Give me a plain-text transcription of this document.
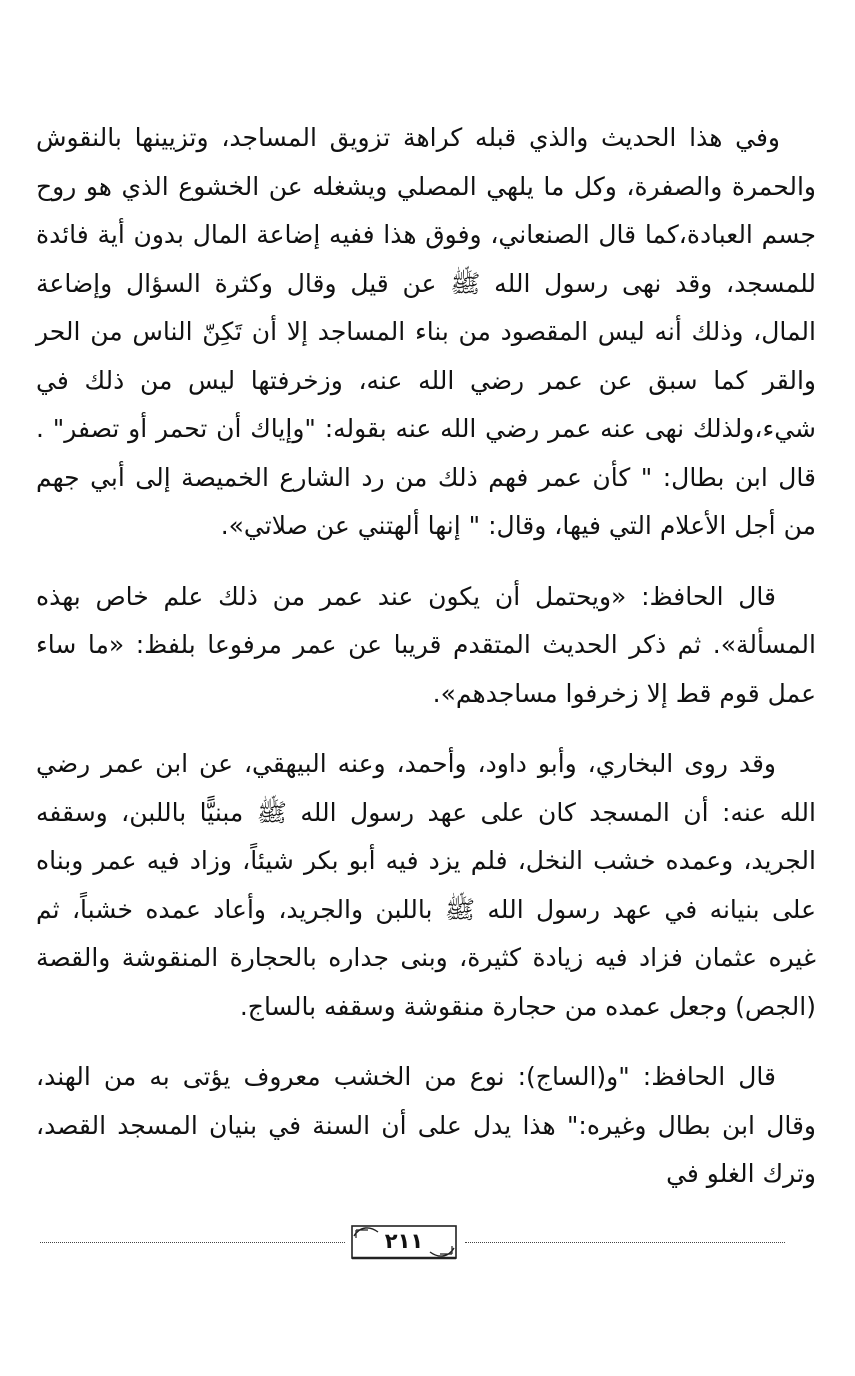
وفي هذا الحديث والذي قبله كراهة تزويق المساجد، وتزيينها بالنقوش والحمرة والصفرة، وكل ما يلهي المصلي ويشغله عن الخشوع الذي هو روح جسم العبادة،كما قال الصنعاني، وفوق هذا ففيه إضاعة المال بدون أية فائدة للمسجد، وقد نهى رسول الله ﷺ عن قيل وقال وكثرة السؤال وإضاعة المال، وذلك أنه ليس المقصود من بناء المساجد إلا أن تَكِنّ الناس من الحر والقر كما سبق عن عمر رضي الله عنه، وزخرفتها ليس من ذلك في شيء،ولذلك نهى عنه عمر رضي الله عنه بقوله: "وإياك أن تحمر أو تصفر" . قال ابن بطال: " كأن عمر فهم ذلك من رد الشارع الخميصة إلى أبي جهم من أجل الأعلام التي فيها، وقال: " إنها ألهتني عن صلاتي».

قال الحافظ: «ويحتمل أن يكون عند عمر من ذلك علم خاص بهذه المسألة». ثم ذكر الحديث المتقدم قريبا عن عمر مرفوعا بلفظ: «ما ساء عمل قوم قط إلا زخرفوا مساجدهم».

وقد روى البخاري، وأبو داود، وأحمد، وعنه البيهقي، عن ابن عمر رضي الله عنه: أن المسجد كان على عهد رسول الله ﷺ مبنيًّا باللبن، وسقفه الجريد، وعمده خشب النخل، فلم يزد فيه أبو بكر شيئاً، وزاد فيه عمر وبناه على بنيانه في عهد رسول الله ﷺ باللبن والجريد، وأعاد عمده خشباً، ثم غيره عثمان فزاد فيه زيادة كثيرة، وبنى جداره بالحجارة المنقوشة والقصة (الجص) وجعل عمده من حجارة منقوشة وسقفه بالساج.

قال الحافظ: "و(الساج): نوع من الخشب معروف يؤتى به من الهند، وقال ابن بطال وغيره:" هذا يدل على أن السنة في بنيان المسجد القصد، وترك الغلو في

٢١١
